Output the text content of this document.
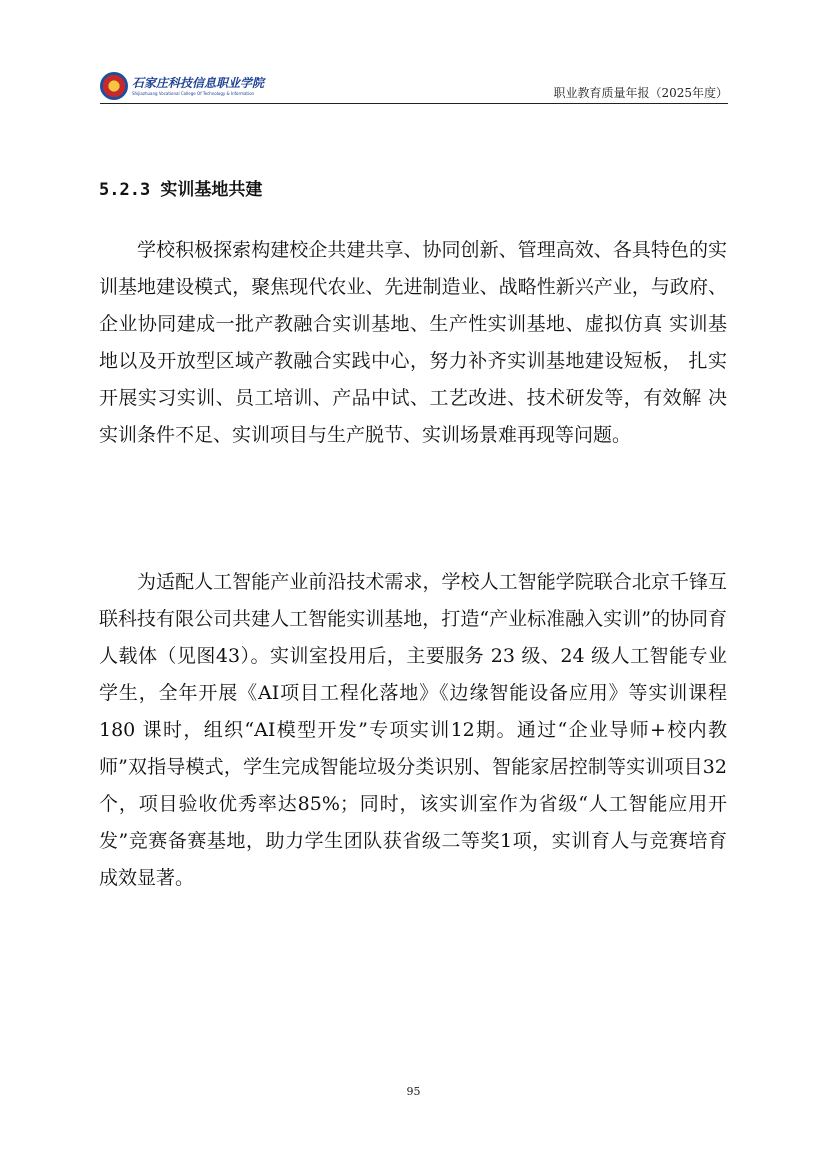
石家庄科技信息职业学院
Shijiazhuang Vocational College Of Technology & Information	职业教育质量年报（2025年度）
5.2.3 实训基地共建

学校积极探索构建校企共建共享、协同创新、管理高效、各具特色的实训基地建设模式，聚焦现代农业、先进制造业、战略性新兴产业，与政府、企业协同建成一批产教融合实训基地、生产性实训基地、虚拟仿真 实训基地以及开放型区域产教融合实践中心，努力补齐实训基地建设短板， 扎实开展实习实训、员工培训、产品中试、工艺改进、技术研发等，有效解 决实训条件不足、实训项目与生产脱节、实训场景难再现等问题。

为适配人工智能产业前沿技术需求，学校人工智能学院联合北京千锋互联科技有限公司共建人工智能实训基地，打造“产业标准融入实训”的协同育人载体（见图43）。实训室投用后，主要服务 23 级、24 级人工智能专业学生，全年开展《AI项目工程化落地》《边缘智能设备应用》等实训课程 180 课时，组织“AI模型开发”专项实训12期。通过“企业导师+校内教师”双指导模式，学生完成智能垃圾分类识别、智能家居控制等实训项目32个，项目验收优秀率达85%；同时，该实训室作为省级“人工智能应用开发”竞赛备赛基地，助力学生团队获省级二等奖1项，实训育人与竞赛培育成效显著。

95
